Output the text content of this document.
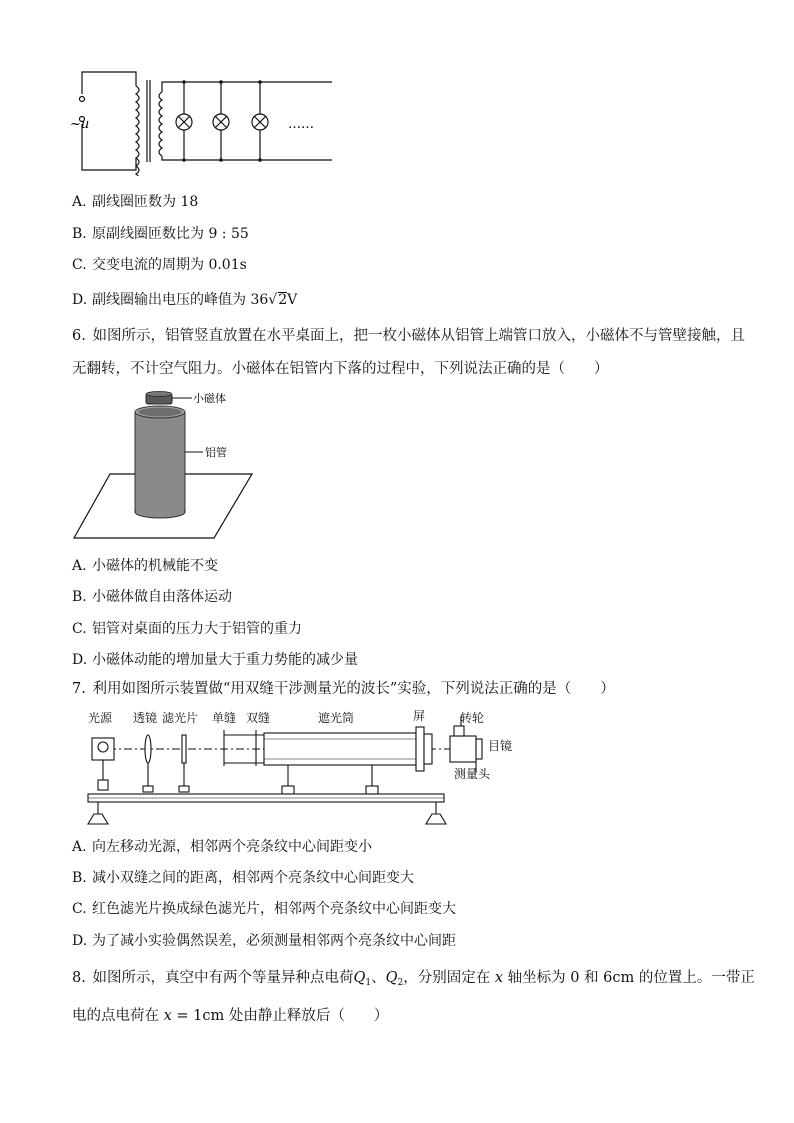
~u	……
A. 副线圈匝数为 18
B. 原副线圈匝数比为 9 : 55
C. 交变电流的周期为 0.01s
D. 副线圈输出电压的峰值为 36√2V
6. 如图所示，铝管竖直放置在水平桌面上，把一枚小磁体从铝管上端管口放入，小磁体不与管壁接触，且
无翻转，不计空气阻力。小磁体在铝管内下落的过程中，下列说法正确的是（　　）
小磁体
铝管
A. 小磁体的机械能不变
B. 小磁体做自由落体运动
C. 铝管对桌面的压力大于铝管的重力
D. 小磁体动能的增加量大于重力势能的减少量
7. 利用如图所示装置做“用双缝干涉测量光的波长”实验，下列说法正确的是（　　）
光源 透镜 滤光片 单缝 双缝	遮光筒	屏	转轮
目镜
测量头
A. 向左移动光源，相邻两个亮条纹中心间距变小
B. 减小双缝之间的距离，相邻两个亮条纹中心间距变大
C. 红色滤光片换成绿色滤光片，相邻两个亮条纹中心间距变大
D. 为了减小实验偶然误差，必须测量相邻两个亮条纹中心间距
8. 如图所示，真空中有两个等量异种点电荷$Q_1$、$Q_2$，分别固定在 x 轴坐标为 0 和 6cm 的位置上。一带正
电的点电荷在 x = 1cm 处由静止释放后（　　）
